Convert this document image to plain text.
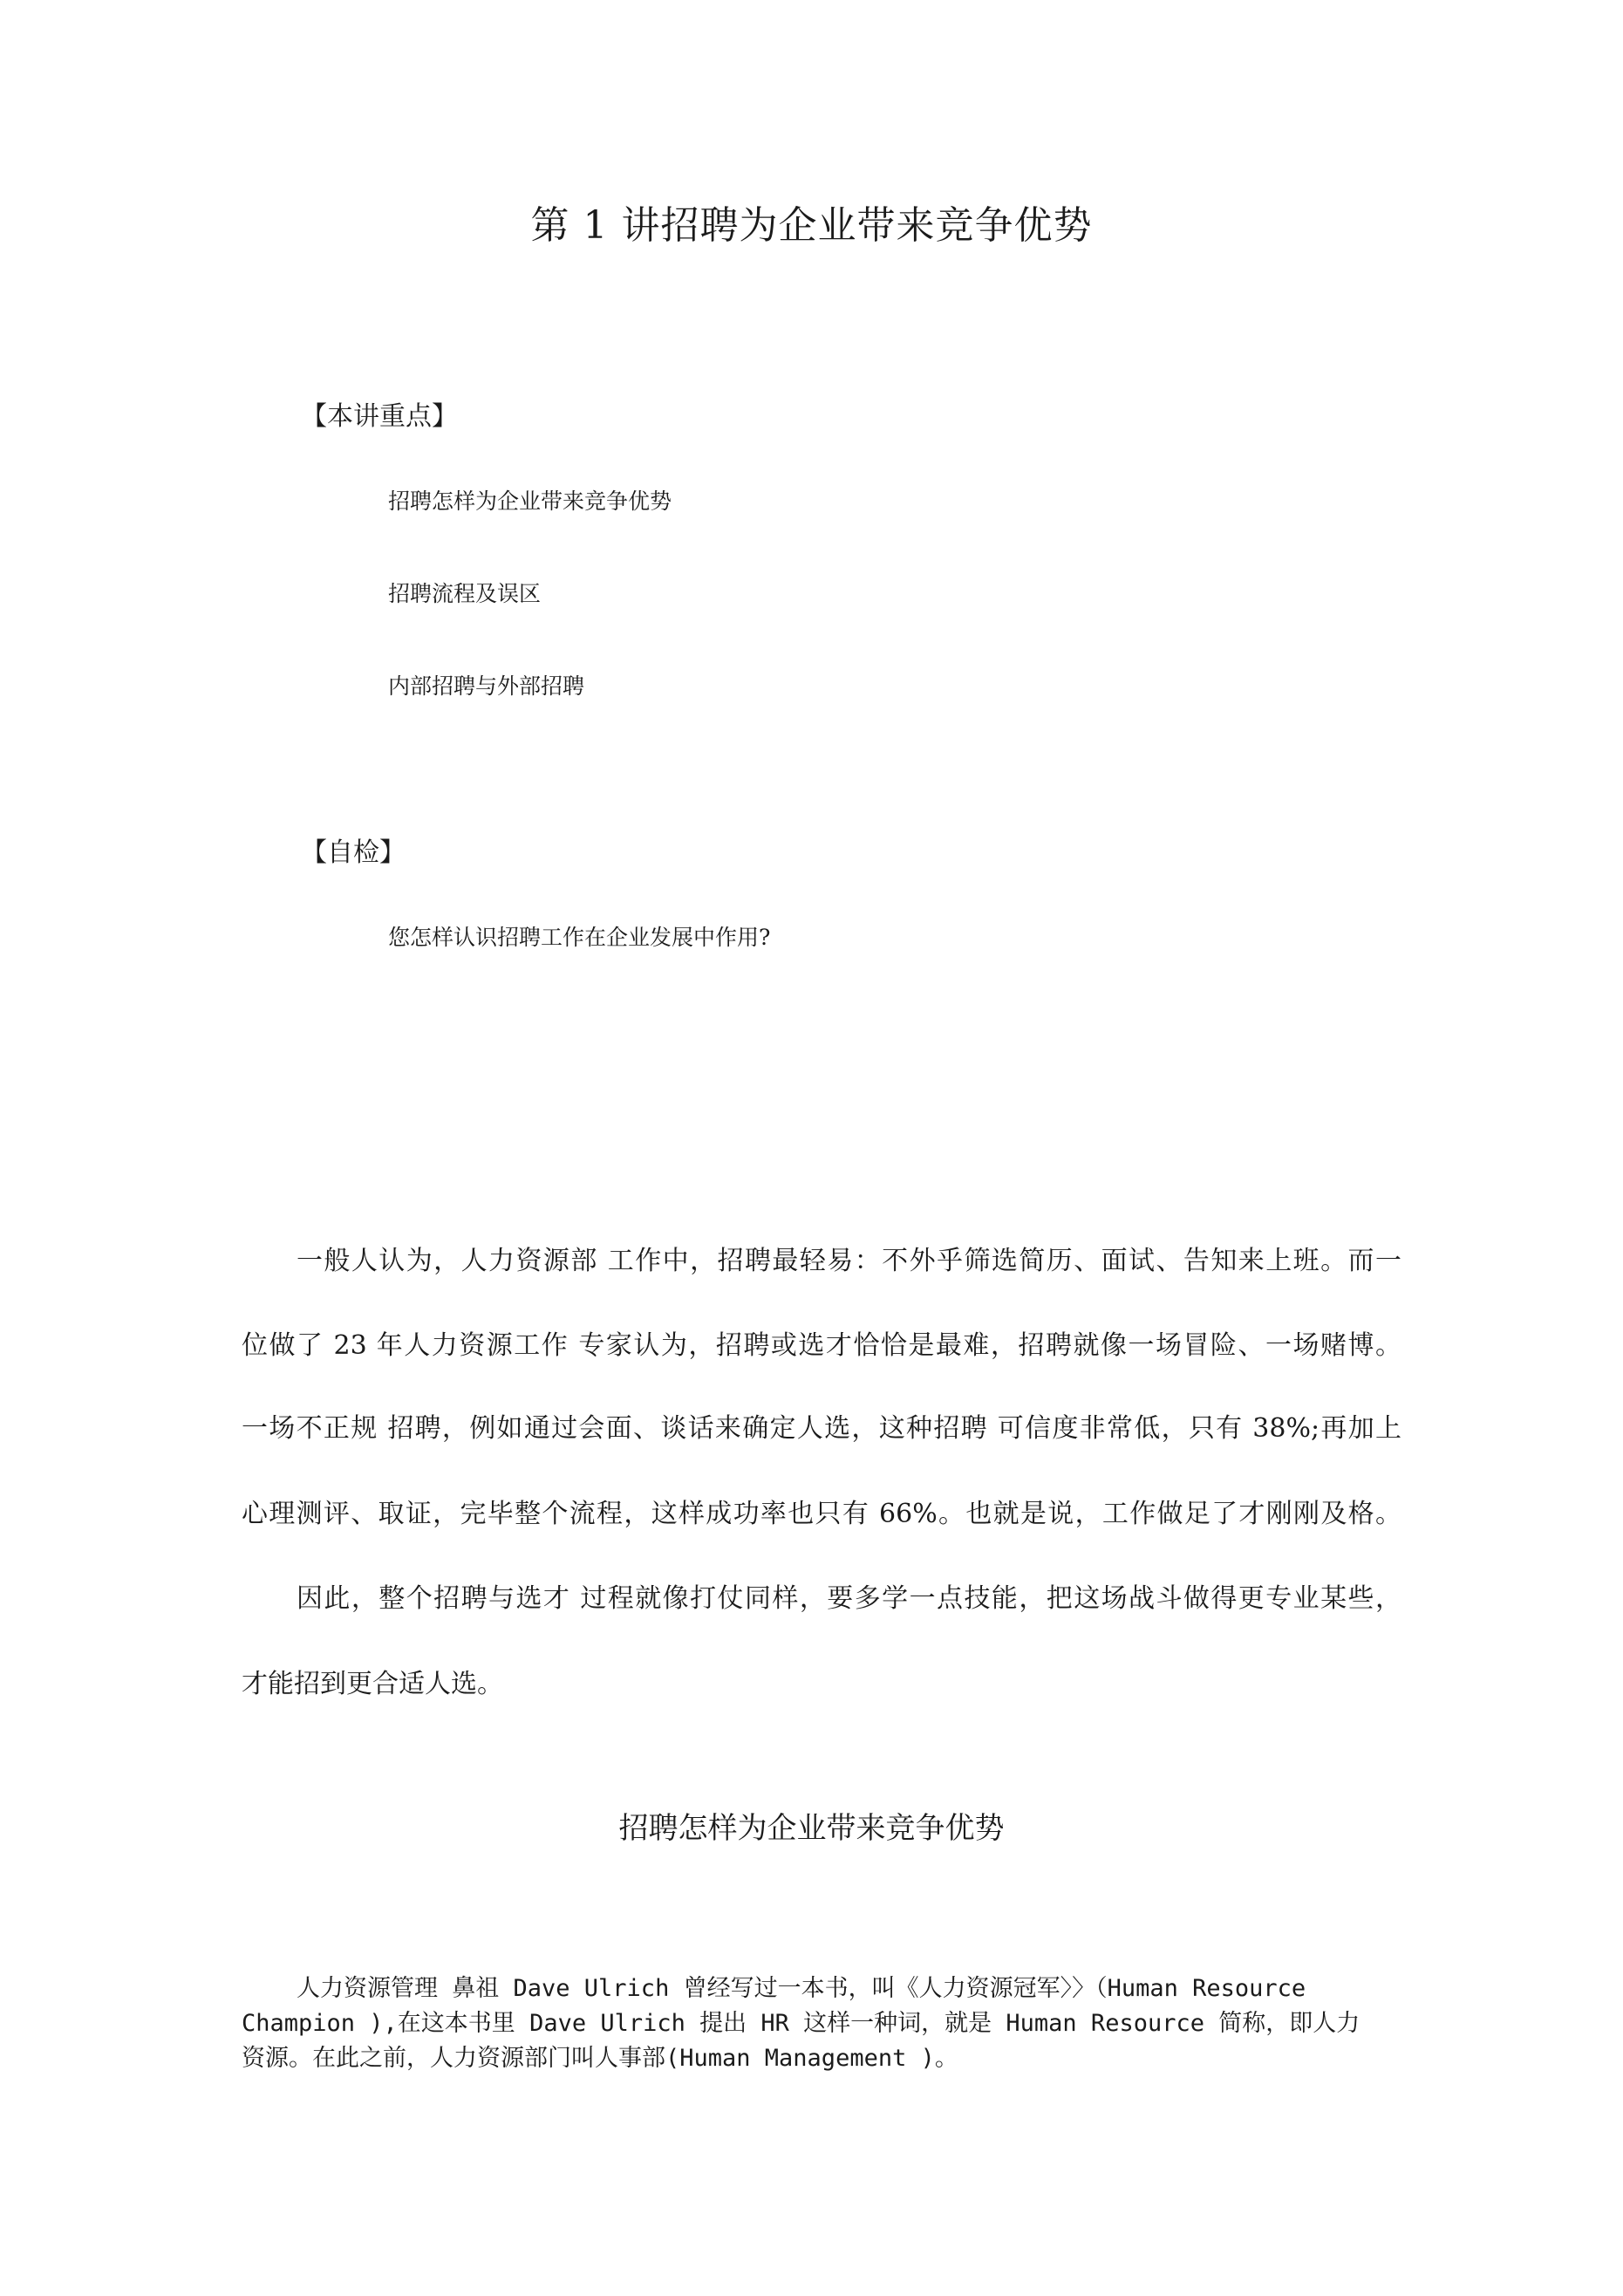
第 1 讲招聘为企业带来竞争优势
【本讲重点】
招聘怎样为企业带来竞争优势
招聘流程及误区
内部招聘与外部招聘
【自检】
您怎样认识招聘工作在企业发展中作用?
一般人认为，人力资源部 工作中，招聘最轻易：不外乎筛选简历、面试、告知来上班。而一
位做了 23 年人力资源工作 专家认为，招聘或选才恰恰是最难，招聘就像一场冒险、一场赌博。
一场不正规 招聘，例如通过会面、谈话来确定人选，这种招聘 可信度非常低，只有 38%;再加上
心理测评、取证，完毕整个流程，这样成功率也只有 66%。也就是说，工作做足了才刚刚及格。
因此，整个招聘与选才 过程就像打仗同样，要多学一点技能，把这场战斗做得更专业某些，
才能招到更合适人选。
招聘怎样为企业带来竞争优势
人力资源管理 鼻祖 Dave Ulrich 曾经写过一本书，叫《人力资源冠军〉〉（Human Resource
Champion ),在这本书里 Dave Ulrich 提出 HR 这样一种词，就是 Human Resource 简称，即人力
资源。在此之前，人力资源部门叫人事部(Human Management )。
